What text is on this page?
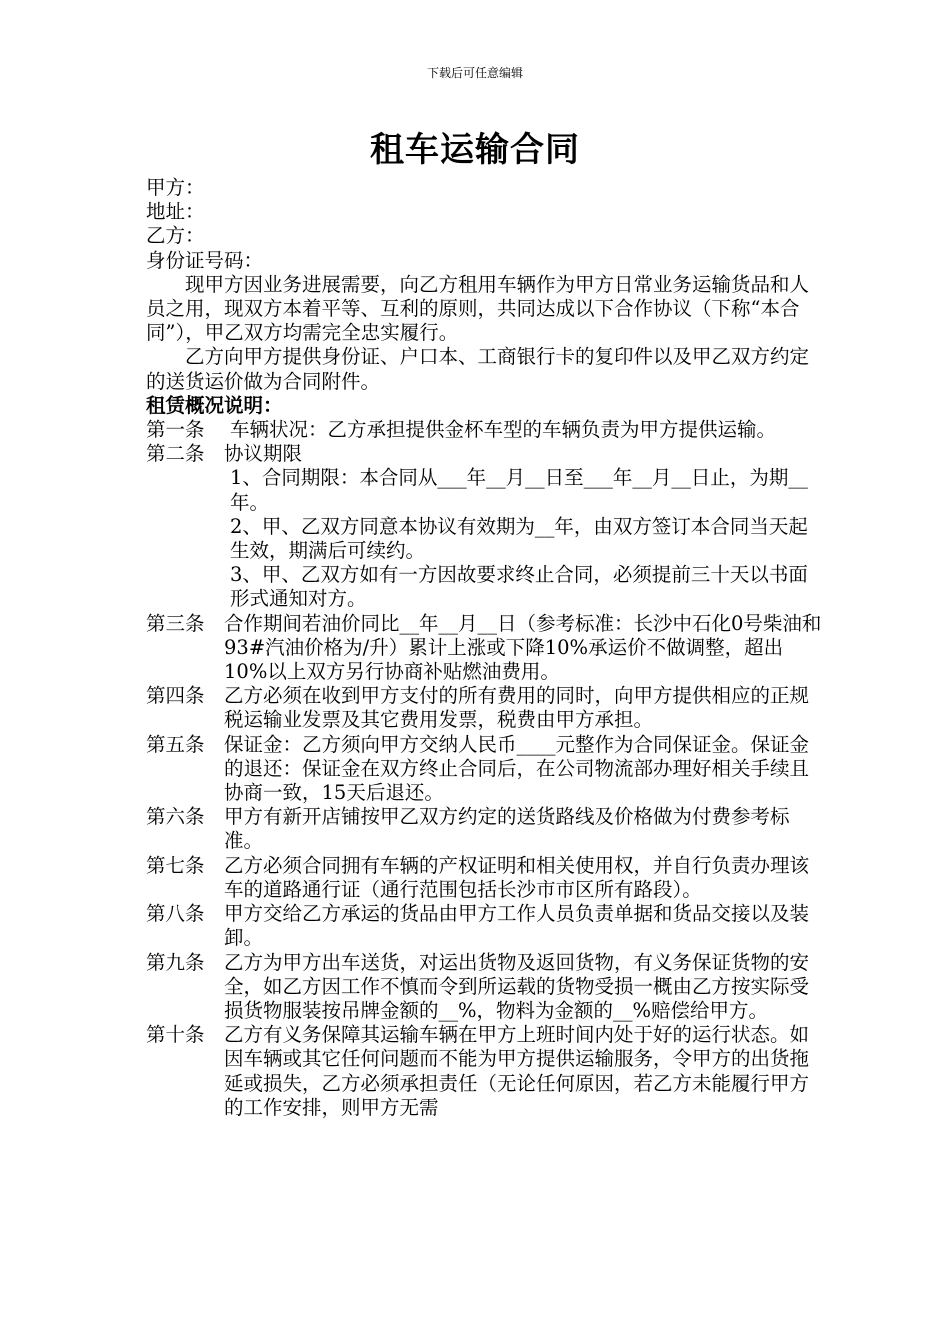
下载后可任意编辑
租车运输合同
甲方：
地址：
乙方：
身份证号码：
现甲方因业务进展需要，向乙方租用车辆作为甲方日常业务运输货品和人员之用，现双方本着平等、互利的原则，共同达成以下合作协议（下称“本合同”），甲乙双方均需完全忠实履行。
乙方向甲方提供身份证、户口本、工商银行卡的复印件以及甲乙双方约定的送货运价做为合同附件。
租赁概况说明：
第一条 车辆状况：乙方承担提供金杯车型的车辆负责为甲方提供运输。
第二条 协议期限
1、合同期限：本合同从___年__月__日至___年__月__日止，为期__年。
2、甲、乙双方同意本协议有效期为__年，由双方签订本合同当天起生效，期满后可续约。
3、甲、乙双方如有一方因故要求终止合同，必须提前三十天以书面形式通知对方。
第三条 合作期间若油价同比__年__月__日（参考标准：长沙中石化0号柴油和93#汽油价格为/升）累计上涨或下降10%承运价不做调整，超出10%以上双方另行协商补贴燃油费用。
第四条 乙方必须在收到甲方支付的所有费用的同时，向甲方提供相应的正规税运输业发票及其它费用发票，税费由甲方承担。
第五条 保证金：乙方须向甲方交纳人民币____元整作为合同保证金。保证金的退还：保证金在双方终止合同后，在公司物流部办理好相关手续且协商一致，15天后退还。
第六条 甲方有新开店铺按甲乙双方约定的送货路线及价格做为付费参考标准。
第七条 乙方必须合同拥有车辆的产权证明和相关使用权，并自行负责办理该车的道路通行证（通行范围包括长沙市市区所有路段）。
第八条 甲方交给乙方承运的货品由甲方工作人员负责单据和货品交接以及装卸。
第九条 乙方为甲方出车送货，对运出货物及返回货物，有义务保证货物的安全，如乙方因工作不慎而令到所运载的货物受损一概由乙方按实际受损货物服装按吊牌金额的__%，物料为金额的__%赔偿给甲方。
第十条 乙方有义务保障其运输车辆在甲方上班时间内处于好的运行状态。如因车辆或其它任何问题而不能为甲方提供运输服务，令甲方的出货拖延或损失，乙方必须承担责任（无论任何原因，若乙方未能履行甲方的工作安排，则甲方无需
